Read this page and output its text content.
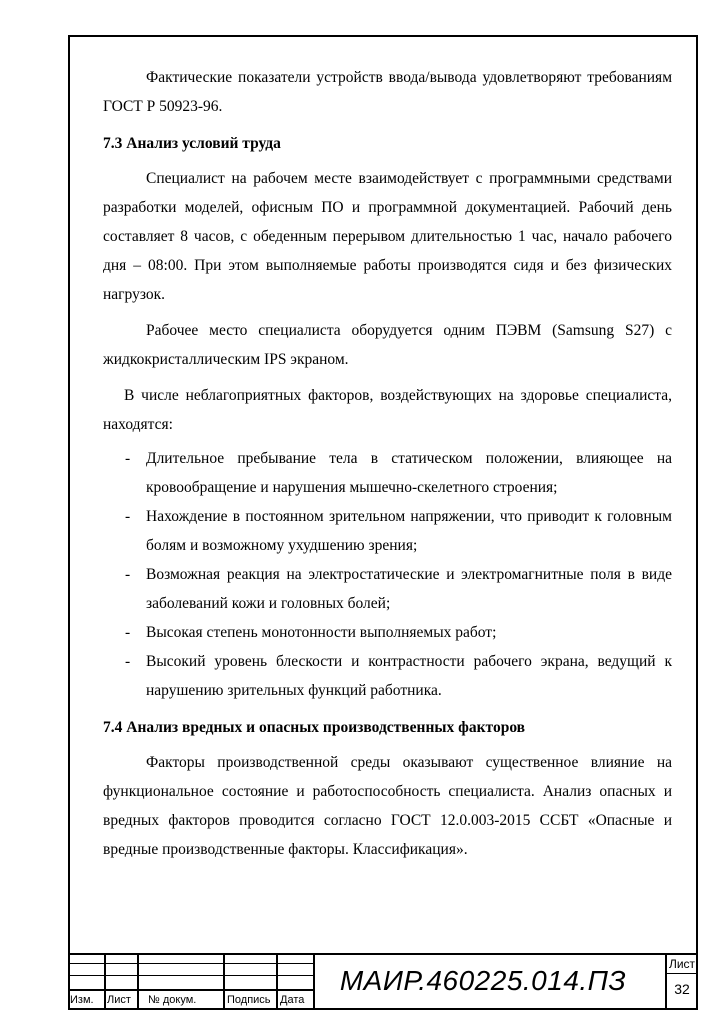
Фактические показатели устройств ввода/вывода удовлетворяют требованиям ГОСТ Р 50923-96.

7.3 Анализ условий труда

Специалист на рабочем месте взаимодействует с программными средствами разработки моделей, офисным ПО и программной документацией. Рабочий день составляет 8 часов, с обеденным перерывом длительностью 1 час, начало рабочего дня – 08:00. При этом выполняемые работы производятся сидя и без физических нагрузок.

Рабочее место специалиста оборудуется одним ПЭВМ (Samsung S27) с жидкокристаллическим IPS экраном.

В числе неблагоприятных факторов, воздействующих на здоровье специалиста, находятся:

- Длительное пребывание тела в статическом положении, влияющее на кровообращение и нарушения мышечно-скелетного строения;
- Нахождение в постоянном зрительном напряжении, что приводит к головным болям и возможному ухудшению зрения;
- Возможная реакция на электростатические и электромагнитные поля в виде заболеваний кожи и головных болей;
- Высокая степень монотонности выполняемых работ;
- Высокий уровень блескости и контрастности рабочего экрана, ведущий к нарушению зрительных функций работника.

7.4 Анализ вредных и опасных производственных факторов

Факторы производственной среды оказывают существенное влияние на функциональное состояние и работоспособность специалиста. Анализ опасных и вредных факторов проводится согласно ГОСТ 12.0.003-2015 ССБТ «Опасные и вредные производственные факторы. Классификация».

Изм.	Лист	№ докум.	Подпись Дата
МАИР.460225.014.ПЗ
Лист
32
